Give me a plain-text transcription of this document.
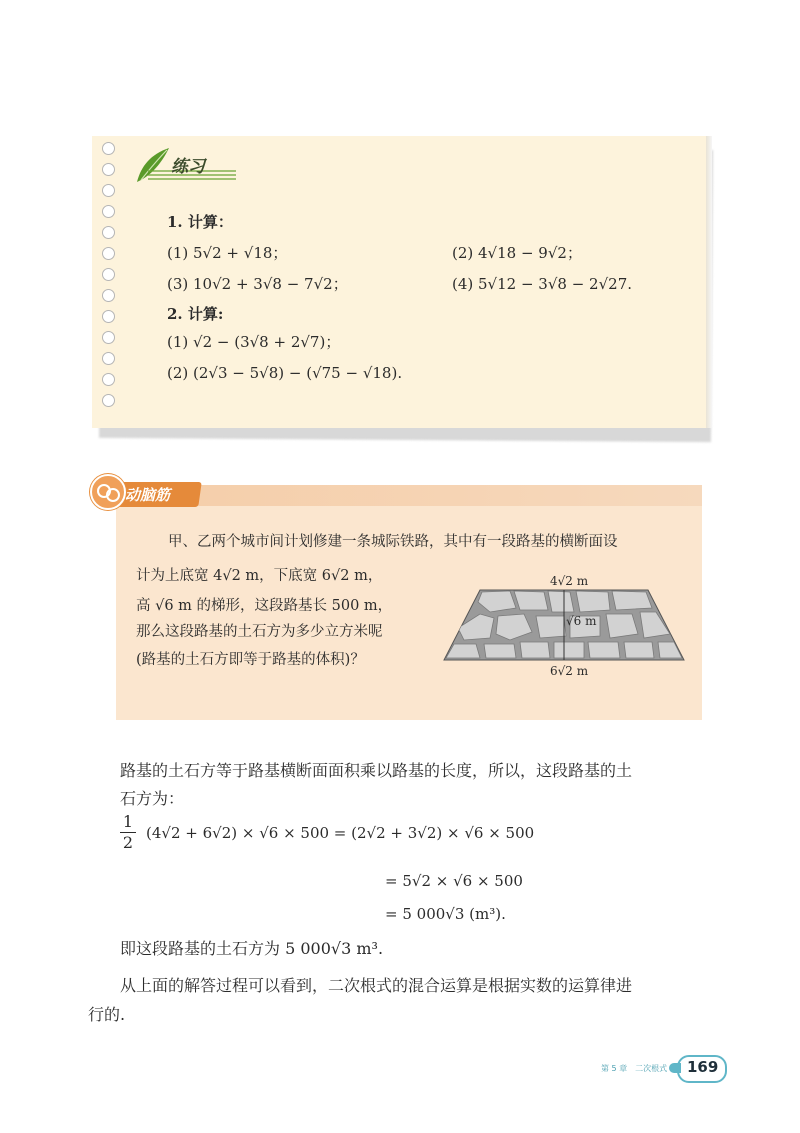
练习
1. 计算：
(1) 5√2 + √18；	(2) 4√18 − 9√2；
(3) 10√2 + 3√8 − 7√2；	(4) 5√12 − 3√8 − 2√27.
2. 计算:
(1) √2 − (3√8 + 2√7)；
(2) (2√3 − 5√8) − (√75 − √18).
动脑筋
甲、乙两个城市间计划修建一条城际铁路，其中有一段路基的横断面设
计为上底宽 4√2 m，下底宽 6√2 m，
高 √6 m 的梯形，这段路基长 500 m，
那么这段路基的土石方为多少立方米呢
(路基的土石方即等于路基的体积)？
4√2 m
√6 m
6√2 m
路基的土石方等于路基横断面面积乘以路基的长度，所以，这段路基的土
石方为：
$\frac{1}{2} (4√2 + 6√2) \times √6 \times 500 = (2√2 + 3√2) \times √6 \times 500$
= 5√2 × √6 × 500
= 5 000√3 (m³).
即这段路基的土石方为 5 000√3 m³.
从上面的解答过程可以看到，二次根式的混合运算是根据实数的运算律进
行的.
第 5 章　二次根式 169
